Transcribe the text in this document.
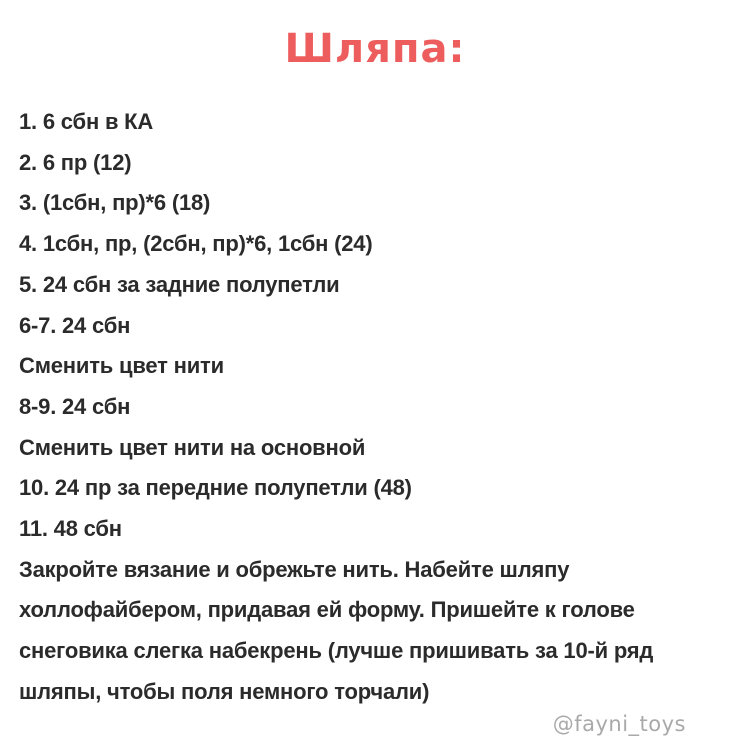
Шляпа:
1. 6 сбн в КА
2. 6 пр (12)
3. (1сбн, пр)*6 (18)
4. 1сбн, пр, (2сбн, пр)*6, 1сбн (24)
5. 24 сбн за задние полупетли
6-7. 24 сбн
Сменить цвет нити
8-9. 24 сбн
Сменить цвет нити на основной
10. 24 пр за передние полупетли (48)
11. 48 сбн
Закройте вязание и обрежьте нить. Набейте шляпу
холлофайбером, придавая ей форму. Пришейте к голове
снеговика слегка набекрень (лучше пришивать за 10-й ряд
шляпы, чтобы поля немного торчали)
@fayni_toys
